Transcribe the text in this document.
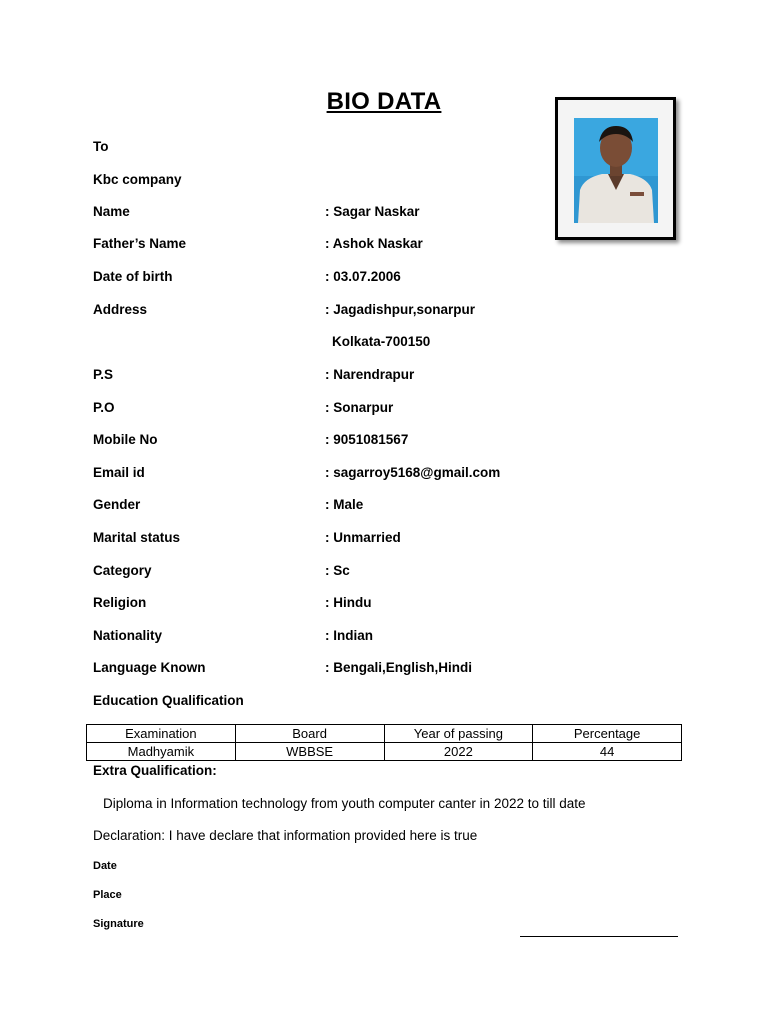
BIO DATA
To
Kbc company
Name	: Sagar Naskar
Father’s Name	: Ashok Naskar
Date of birth	: 03.07.2006
Address	: Jagadishpur,sonarpur
Kolkata-700150
P.S	: Narendrapur
P.O	: Sonarpur
Mobile No	: 9051081567
Email id	: sagarroy5168@gmail.com
Gender	: Male
Marital status	: Unmarried
Category	: Sc
Religion	: Hindu
Nationality	: Indian
Language Known	: Bengali,English,Hindi
Education Qualification
Examination	Board	Year of passing	Percentage
Madhyamik	WBBSE	2022	44
Extra Qualification:
Diploma in Information technology from youth computer canter in 2022 to till date
Declaration: I have declare that information provided here is true
Date
Place
Signature
